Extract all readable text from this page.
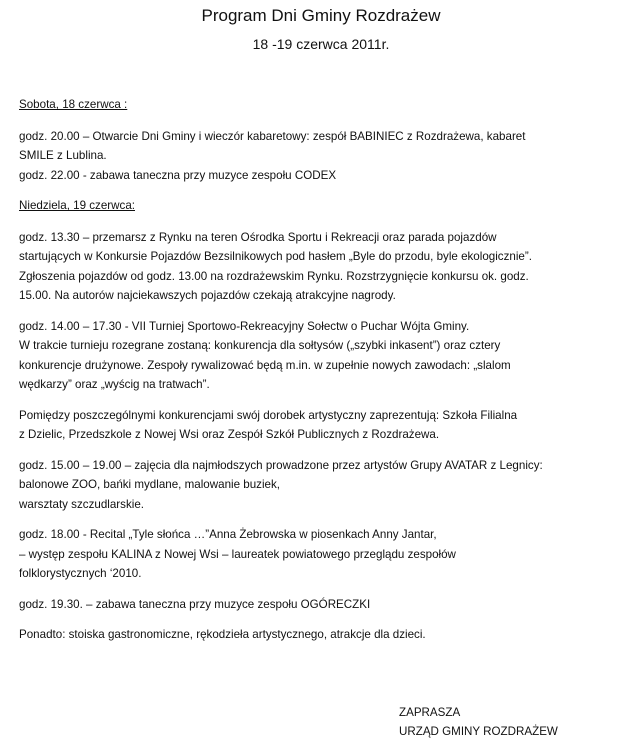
Program Dni Gminy Rozdrażew
18 -19 czerwca 2011r.
Sobota, 18 czerwca :
godz. 20.00 – Otwarcie Dni Gminy i wieczór kabaretowy: zespół BABINIEC z Rozdrażewa, kabaret
SMILE z Lublina.
godz. 22.00 - zabawa taneczna przy muzyce zespołu CODEX
Niedziela, 19 czerwca:
godz. 13.30 – przemarsz z Rynku na teren Ośrodka Sportu i Rekreacji oraz parada pojazdów
startujących w Konkursie Pojazdów Bezsilnikowych pod hasłem „Byle do przodu, byle ekologicznie”.
Zgłoszenia pojazdów od godz. 13.00 na rozdrażewskim Rynku. Rozstrzygnięcie konkursu ok. godz.
15.00. Na autorów najciekawszych pojazdów czekają atrakcyjne nagrody.
godz. 14.00 – 17.30 - VII Turniej Sportowo-Rekreacyjny Sołectw o Puchar Wójta Gminy.
W trakcie turnieju rozegrane zostaną: konkurencja dla sołtysów („szybki inkasent”) oraz cztery
konkurencje drużynowe. Zespoły rywalizować będą m.in. w zupełnie nowych zawodach: „slalom
wędkarzy” oraz „wyścig na tratwach”.
Pomiędzy poszczególnymi konkurencjami swój dorobek artystyczny zaprezentują: Szkoła Filialna
z Dzielic, Przedszkole z Nowej Wsi oraz Zespół Szkół Publicznych z Rozdrażewa.
godz. 15.00 – 19.00 – zajęcia dla najmłodszych prowadzone przez artystów Grupy AVATAR z Legnicy:
balonowe ZOO, bańki mydlane, malowanie buziek,
warsztaty szczudlarskie.
godz. 18.00 - Recital „Tyle słońca …”Anna Żebrowska w piosenkach Anny Jantar,
– występ zespołu KALINA z Nowej Wsi – laureatek powiatowego przeglądu zespołów
folklorystycznych ‘2010.
godz. 19.30. – zabawa taneczna przy muzyce zespołu OGÓRECZKI
Ponadto: stoiska gastronomiczne, rękodzieła artystycznego, atrakcje dla dzieci.
ZAPRASZA
URZĄD GMINY ROZDRAŻEW
